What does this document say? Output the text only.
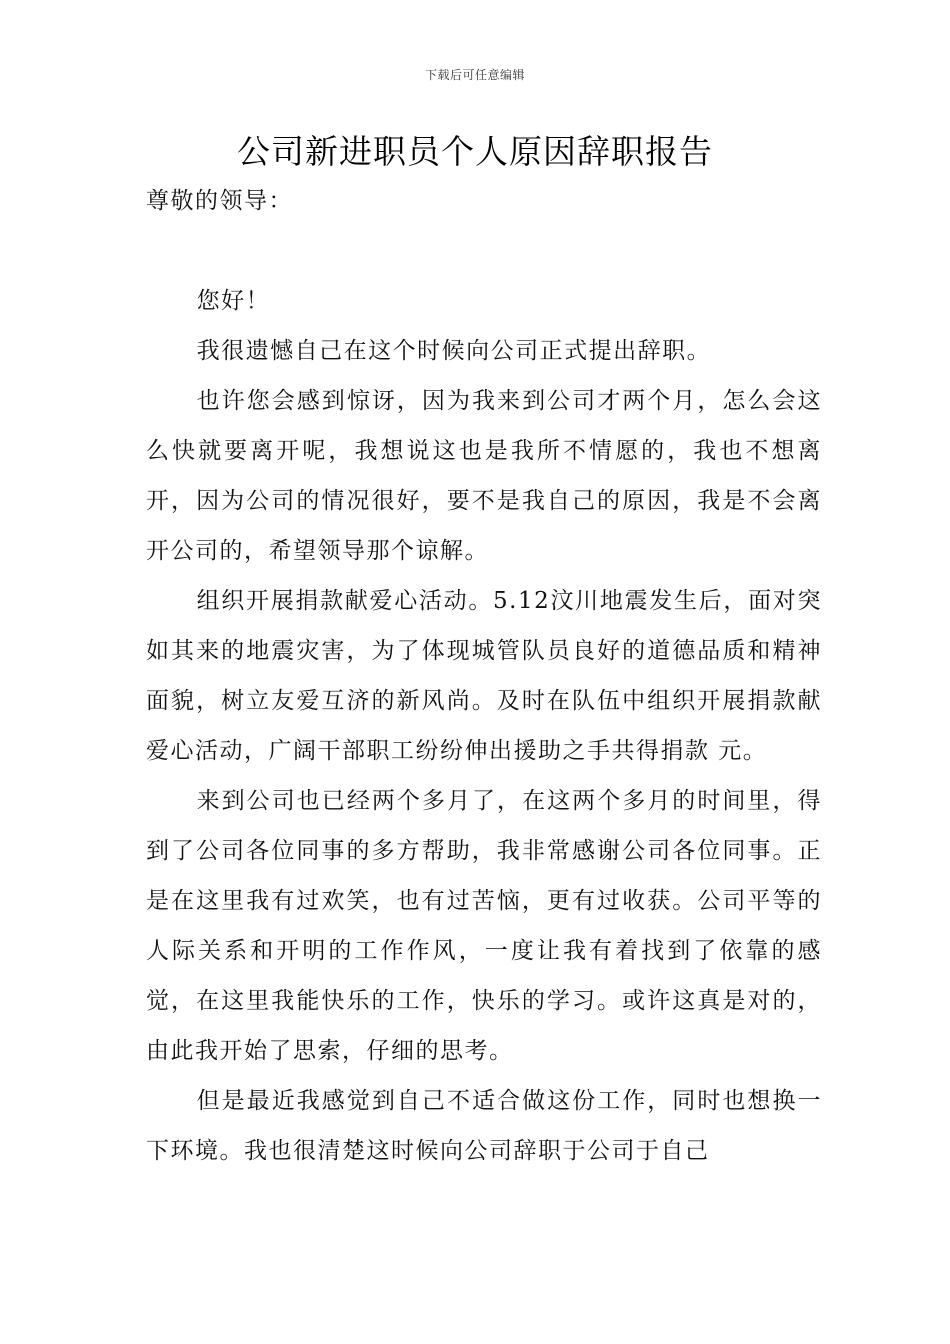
下载后可任意编辑
公司新进职员个人原因辞职报告

尊敬的领导：

您好！

我很遗憾自己在这个时候向公司正式提出辞职。

也许您会感到惊讶，因为我来到公司才两个月，怎么会这么快就要离开呢，我想说这也是我所不情愿的，我也不想离开，因为公司的情况很好，要不是我自己的原因，我是不会离开公司的，希望领导那个谅解。

组织开展捐款献爱心活动。5.12汶川地震发生后，面对突如其来的地震灾害，为了体现城管队员良好的道德品质和精神面貌，树立友爱互济的新风尚。及时在队伍中组织开展捐款献爱心活动，广阔干部职工纷纷伸出援助之手共得捐款 元。

来到公司也已经两个多月了，在这两个多月的时间里，得到了公司各位同事的多方帮助，我非常感谢公司各位同事。正是在这里我有过欢笑，也有过苦恼，更有过收获。公司平等的人际关系和开明的工作作风，一度让我有着找到了依靠的感觉，在这里我能快乐的工作，快乐的学习。或许这真是对的，由此我开始了思索，仔细的思考。

但是最近我感觉到自己不适合做这份工作，同时也想换一下环境。我也很清楚这时候向公司辞职于公司于自己
